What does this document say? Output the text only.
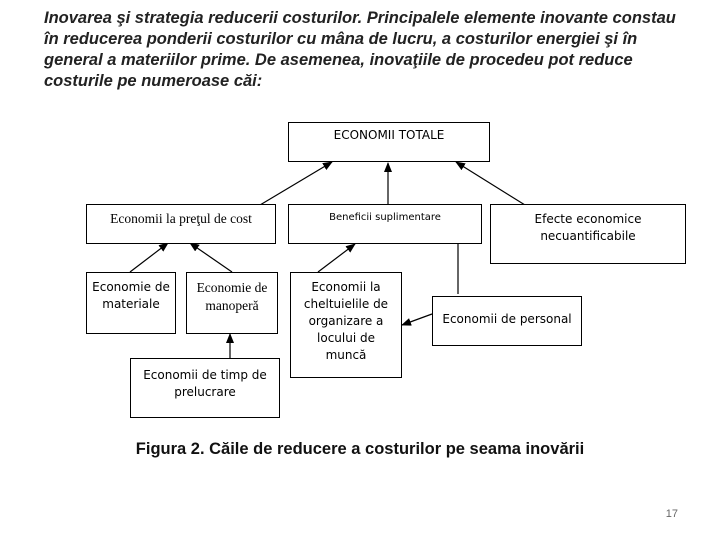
Inovarea şi strategia reducerii costurilor. Principalele elemente inovante constau în reducerea ponderii costurilor cu mâna de lucru, a costurilor energiei şi în general a materiilor prime. De asemenea, inovaţiile de procedeu pot reduce costurile pe numeroase căi:
ECONOMII TOTALE
Economii la preţul de cost	Beneficii suplimentare	Efecte economice necuantificabile
Economie de materiale
Economie de manoperă
Economii de timp de prelucrare
Economii la cheltuielile de organizare a locului de muncă
Economii de personal
Figura 2. Căile de reducere a costurilor pe seama inovării
17
